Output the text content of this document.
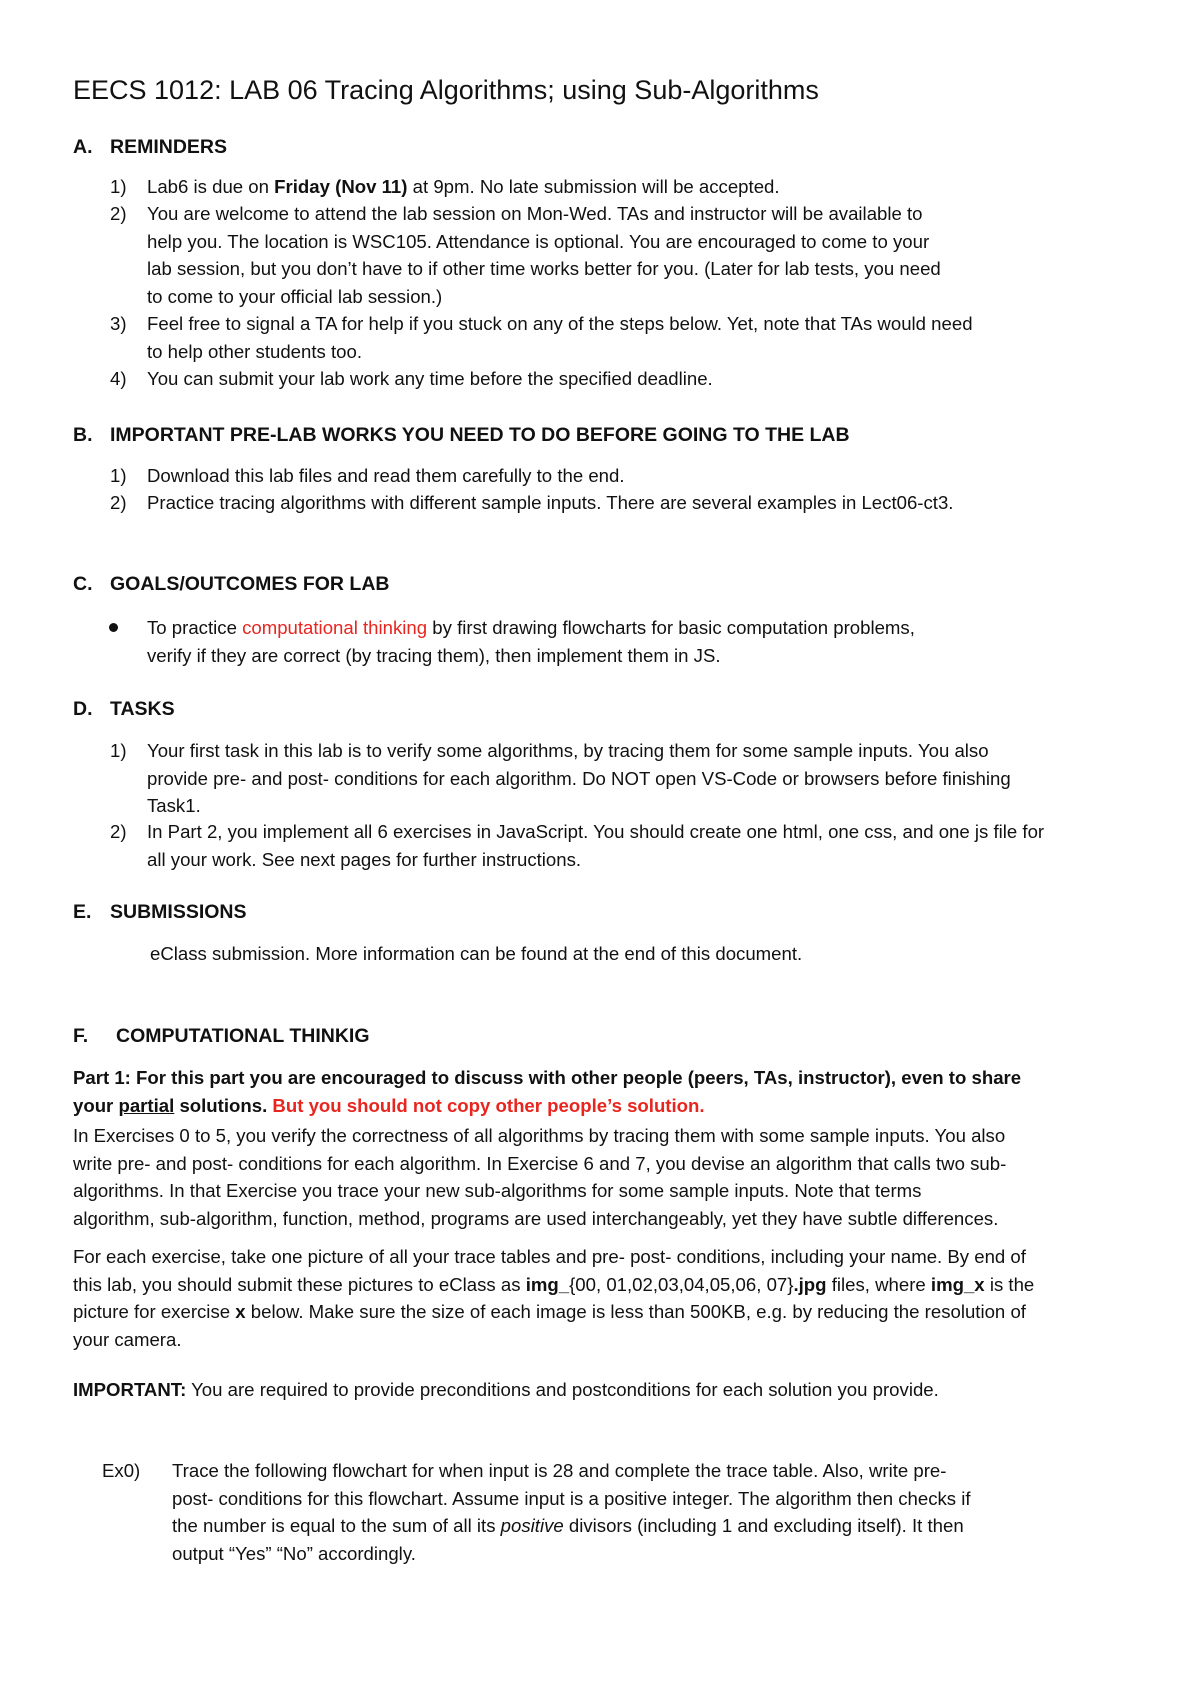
EECS 1012: LAB 06 Tracing Algorithms; using Sub-Algorithms
A. REMINDERS
1) Lab6 is due on Friday (Nov 11) at 9pm. No late submission will be accepted.
2) You are welcome to attend the lab session on Mon-Wed. TAs and instructor will be available to
help you. The location is WSC105. Attendance is optional. You are encouraged to come to your
lab session, but you don’t have to if other time works better for you. (Later for lab tests, you need
to come to your official lab session.)
3) Feel free to signal a TA for help if you stuck on any of the steps below. Yet, note that TAs would need
to help other students too.
4) You can submit your lab work any time before the specified deadline.
B. IMPORTANT PRE-LAB WORKS YOU NEED TO DO BEFORE GOING TO THE LAB
1) Download this lab files and read them carefully to the end.
2) Practice tracing algorithms with different sample inputs. There are several examples in Lect06-ct3.
C. GOALS/OUTCOMES FOR LAB
To practice computational thinking by first drawing flowcharts for basic computation problems,
verify if they are correct (by tracing them), then implement them in JS.
D. TASKS
1) Your first task in this lab is to verify some algorithms, by tracing them for some sample inputs. You also
provide pre- and post- conditions for each algorithm. Do NOT open VS-Code or browsers before finishing
Task1.
2) In Part 2, you implement all 6 exercises in JavaScript. You should create one html, one css, and one js file for
all your work. See next pages for further instructions.
E. SUBMISSIONS
eClass submission. More information can be found at the end of this document.
F. COMPUTATIONAL THINKIG
Part 1: For this part you are encouraged to discuss with other people (peers, TAs, instructor), even to share
your partial solutions. But you should not copy other people’s solution.
In Exercises 0 to 5, you verify the correctness of all algorithms by tracing them with some sample inputs. You also
write pre- and post- conditions for each algorithm. In Exercise 6 and 7, you devise an algorithm that calls two sub-
algorithms. In that Exercise you trace your new sub-algorithms for some sample inputs. Note that terms
algorithm, sub-algorithm, function, method, programs are used interchangeably, yet they have subtle differences.
For each exercise, take one picture of all your trace tables and pre- post- conditions, including your name. By end of
this lab, you should submit these pictures to eClass as img_{00, 01,02,03,04,05,06, 07}.jpg files, where img_x is the
picture for exercise x below. Make sure the size of each image is less than 500KB, e.g. by reducing the resolution of
your camera.
IMPORTANT: You are required to provide preconditions and postconditions for each solution you provide.
Ex0) Trace the following flowchart for when input is 28 and complete the trace table. Also, write pre-
post- conditions for this flowchart. Assume input is a positive integer. The algorithm then checks if
the number is equal to the sum of all its positive divisors (including 1 and excluding itself). It then
output “Yes” “No” accordingly.
